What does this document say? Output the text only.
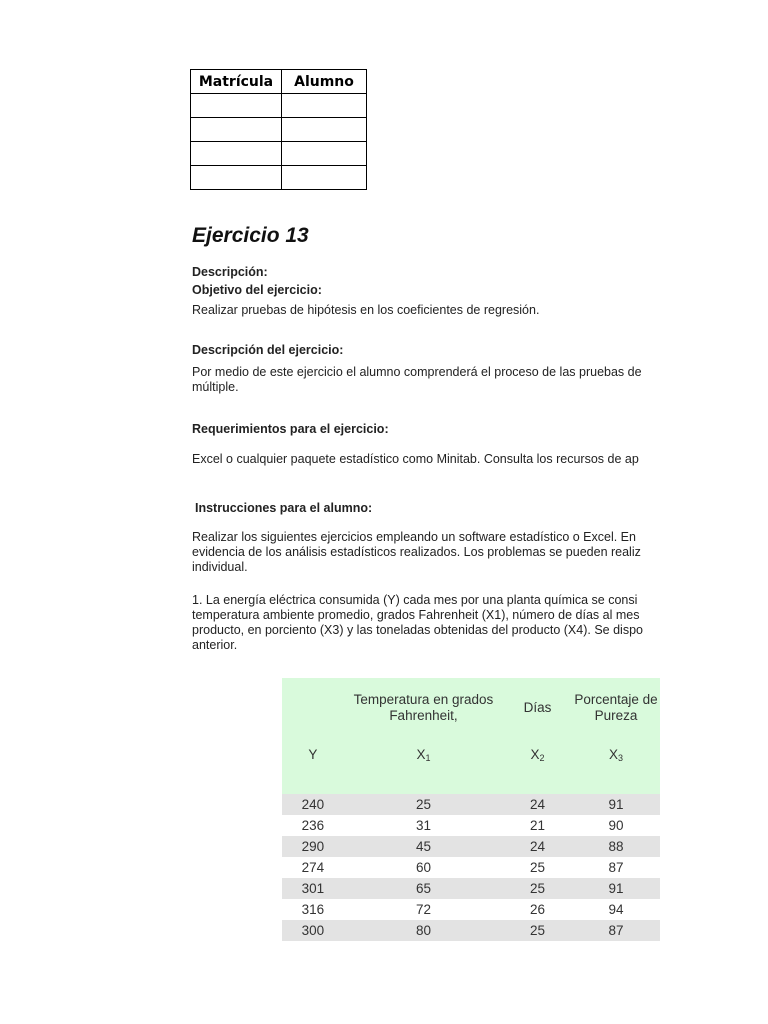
Matrícula	Alumno

Ejercicio 13
Descripción:
Objetivo del ejercicio:
Realizar pruebas de hipótesis en los coeficientes de regresión.
Descripción del ejercicio:
Por medio de este ejercicio el alumno comprenderá el proceso de las pruebas de
múltiple.
Requerimientos para el ejercicio:
Excel o cualquier paquete estadístico como Minitab. Consulta los recursos de ap
Instrucciones para el alumno:
Realizar los siguientes ejercicios empleando un software estadístico o Excel. En
evidencia de los análisis estadísticos realizados. Los problemas se pueden realiz
individual.
1. La energía eléctrica consumida (Y) cada mes por una planta química se consi
temperatura ambiente promedio, grados Fahrenheit (X1), número de días al mes
producto, en porciento (X3) y las toneladas obtenidas del producto (X4). Se dispo
anterior.
	Temperatura en grados Fahrenheit,	Días	Porcentaje de Pureza
Y	$X_1$	$X_2$	$X_3$
240	25	24	91
236	31	21	90
290	45	24	88
274	60	25	87
301	65	25	91
316	72	26	94
300	80	25	87
